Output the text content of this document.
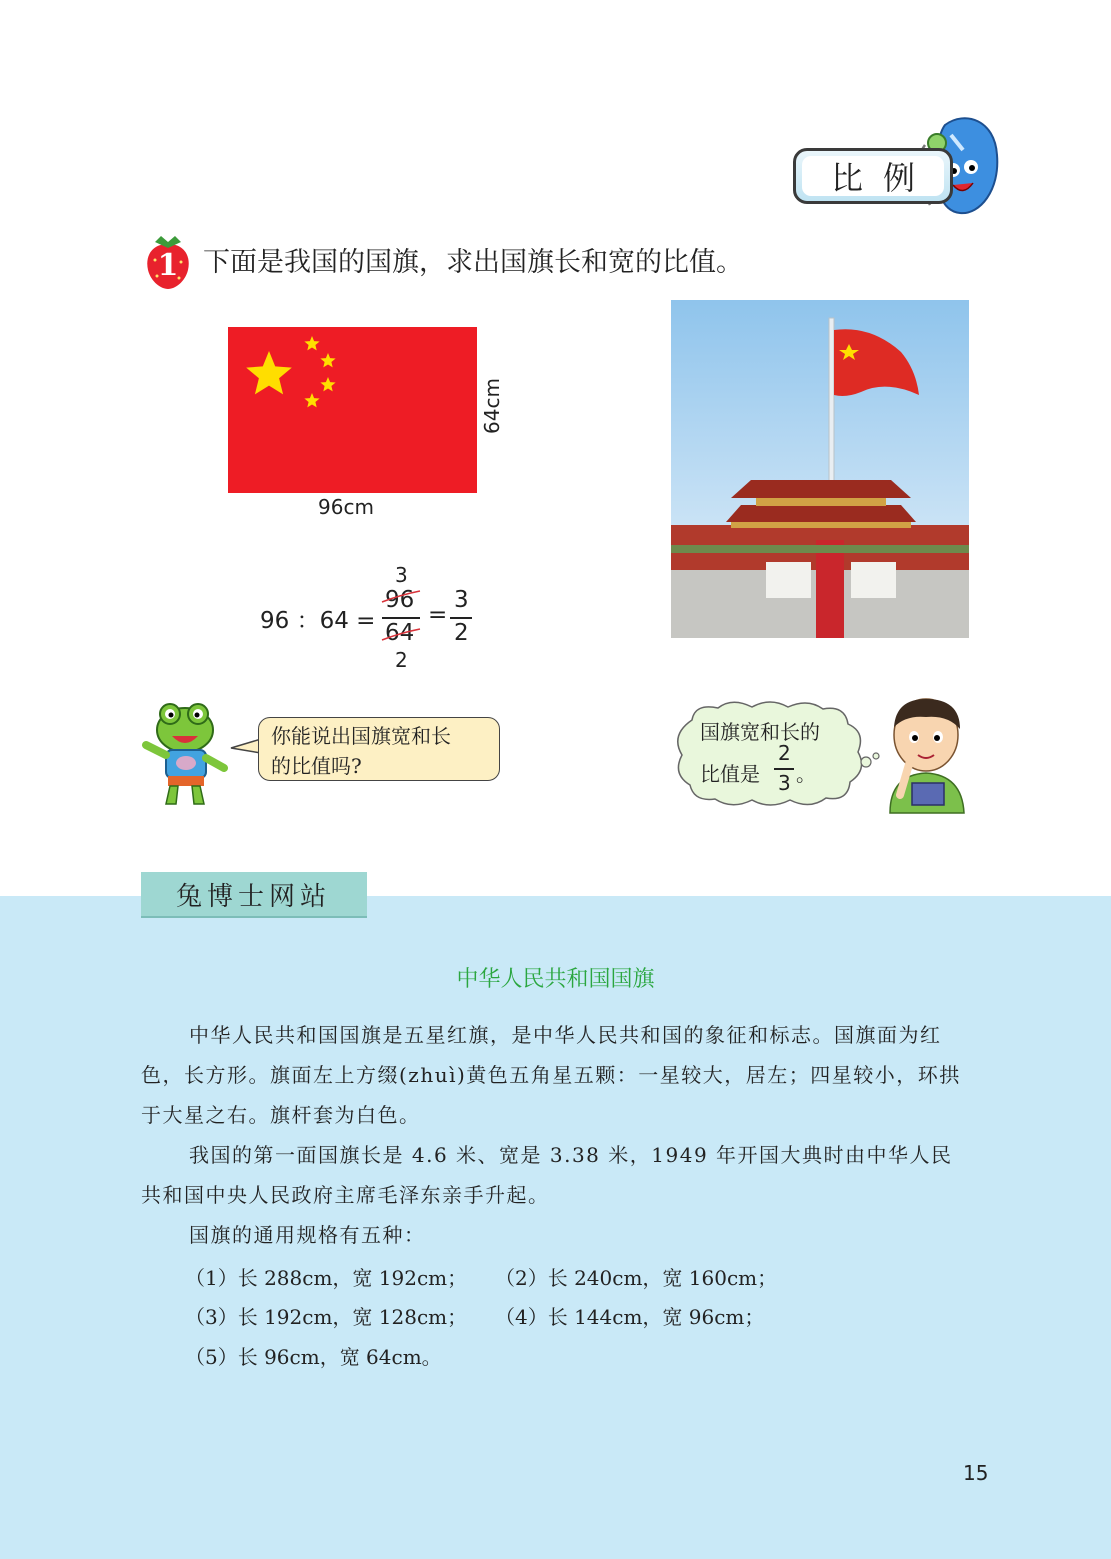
比例
1 下面是我国的国旗，求出国旗长和宽的比值。
96cm
64cm
96 ：64 =
3
96
64
2
=
3
2
你能说出国旗宽和长
的比值吗?
国旗宽和长的
比值是
2
3 。
兔博士网站
中华人民共和国国旗
中华人民共和国国旗是五星红旗，是中华人民共和国的象征和标志。国旗面为红色，长方形。旗面左上方缀(zhuì)黄色五角星五颗：一星较大，居左；四星较小，环拱于大星之右。旗杆套为白色。
我国的第一面国旗长是 4.6 米、宽是 3.38 米，1949 年开国大典时由中华人民共和国中央人民政府主席毛泽东亲手升起。
国旗的通用规格有五种：
（1）长 288cm，宽 192cm； （2）长 240cm，宽 160cm；
（3）长 192cm，宽 128cm； （4）长 144cm，宽 96cm；
（5）长 96cm，宽 64cm。
15
